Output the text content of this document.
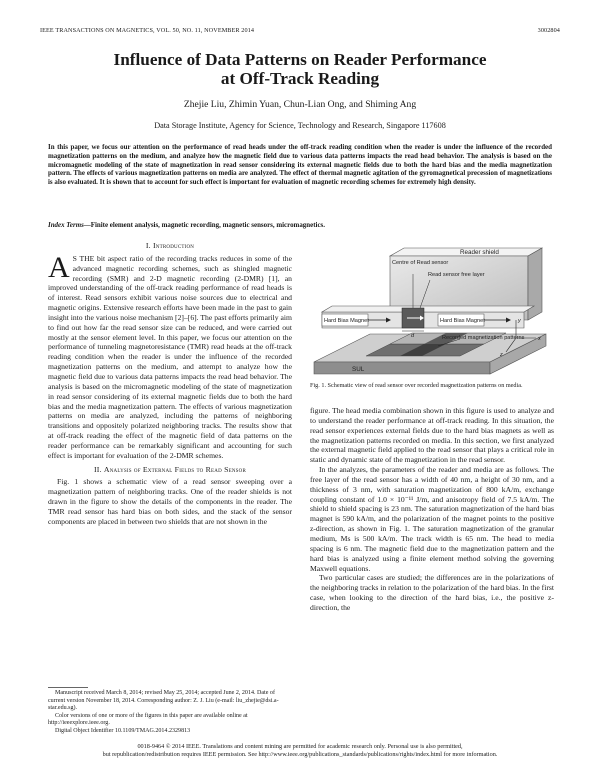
IEEE TRANSACTIONS ON MAGNETICS, VOL. 50, NO. 11, NOVEMBER 2014	3002804
Influence of Data Patterns on Reader Performance
at Off-Track Reading
Zhejie Liu, Zhimin Yuan, Chun-Lian Ong, and Shiming Ang
Data Storage Institute, Agency for Science, Technology and Research, Singapore 117608
In this paper, we focus our attention on the performance of read heads under the off-track reading condition when the reader is under the influence of the recorded magnetization patterns on the medium, and analyze how the magnetic field due to various data patterns impacts the read head behavior. The analysis is based on the micromagnetic modeling of the state of magnetization in read sensor considering its external magnetic fields due to both the hard bias and the media magnetization pattern. The effects of various magnetization patterns on media are analyzed. The effect of thermal magnetic agitation of the gyromagnetical precession of magnetizations is also evaluated. It is shown that to account for such effect is important for evaluation of magnetic recording schemes for extremely high density.
Index Terms—Finite element analysis, magnetic recording, magnetic sensors, micromagnetics.
I. Introduction

A S THE bit aspect ratio of the recording tracks reduces in some of the advanced magnetic recording schemes, such as shingled magnetic recording (SMR) and 2-D magnetic recording (2-DMR) [1], an improved understanding of the off-track reading performance of read heads is of interest. Read sensors exhibit various noise sources due to electrical and magnetic origins. Extensive research efforts have been made in the past to gain insight into the various noise mechanism [2]–[6]. The past efforts primarily aim to find out how far the read sensor size can be reduced, and were carried out mostly at the sensor element level. In this paper, we focus our attention on the performance of tunneling magnetoresistance (TMR) read heads at the off-track reading condition when the reader is under the influence of the recorded magnetization patterns on the medium, and attempt to analyze how the magnetic field due to various data patterns impacts the read head behavior. The analysis is based on the micromagnetic modeling of the state of magnetization in read sensor considering of its external magnetic fields due to both the hard bias and the media magnetization pattern. The effects of various magnetization patterns on media are analyzed, including the patterns of neighboring transitions and oppositely polarized neighboring tracks. The results show that at off-track reading the effect of the magnetic field of data patterns on the reader performance can be remarkably significant and accounting for such effect is important for evaluation of the 2-DMR schemes.

II. Analysis of External Fields to Read Sensor

Fig. 1 shows a schematic view of a read sensor sweeping over a magnetization pattern of neighboring tracks. One of the reader shields is not drawn in the figure to show the details of the components in the reader. The TMR read sensor has hard bias on both sides, and the stack of the sensor components are placed in between two shields that are not shown in the

Manuscript received March 8, 2014; revised May 25, 2014; accepted June 2, 2014. Date of current version November 18, 2014. Corresponding author: Z. J. Liu (e-mail: liu_zhejie@dsi.a-star.edu.sg).

Color versions of one or more of the figures in this paper are available online at http://ieeexplore.ieee.org.

Digital Object Identifier 10.1109/TMAG.2014.2329813

Reader shield
Centre of Read sensor
Read sensor free layer
Hard Bias Magnet	Hard Bias Magnet
Recorded magnetization patterns
SUL
x
y
z
d
Fig. 1. Schematic view of read sensor over recorded magnetization patterns on media.

figure. The head media combination shown in this figure is used to analyze and to understand the reader performance at off-track reading. In this situation, the read sensor experiences external fields due to the hard bias magnets as well as the magnetization patterns recorded on media. In this section, we first analyzed the external magnetic field applied to the read sensor that plays a critical role in static and dynamic state of the magnetization in the read sensor.

In the analyzes, the parameters of the reader and media are as follows. The free layer of the read sensor has a width of 40 nm, a height of 30 nm, and a thickness of 3 nm, with saturation magnetization of 800 kA/m, exchange coupling constant of 1.0 × 10⁻¹¹ J/m, and anisotropy field of 7.5 kA/m. The shield to shield spacing is 23 nm. The saturation magnetization of the hard bias magnet is 590 kA/m, and the polarization of the magnet points to the positive z-direction, as shown in Fig. 1. The saturation magnetization of the granular medium, Ms is 500 kA/m. The track width is 65 nm. The head to media spacing is 6 nm. The magnetic field due to the magnetization pattern and the hard bias is analyzed using a finite element method solving the governing Maxwell equations.

Two particular cases are studied; the differences are in the polarizations of the neighboring tracks in relation to the polarization of the hard bias. In the first case, when looking to the direction of the hard bias, i.e., the positive z-direction, the

0018-9464 © 2014 IEEE. Translations and content mining are permitted for academic research only. Personal use is also permitted,
but republication/redistribution requires IEEE permission. See http://www.ieee.org/publications_standards/publications/rights/index.html for more information.
